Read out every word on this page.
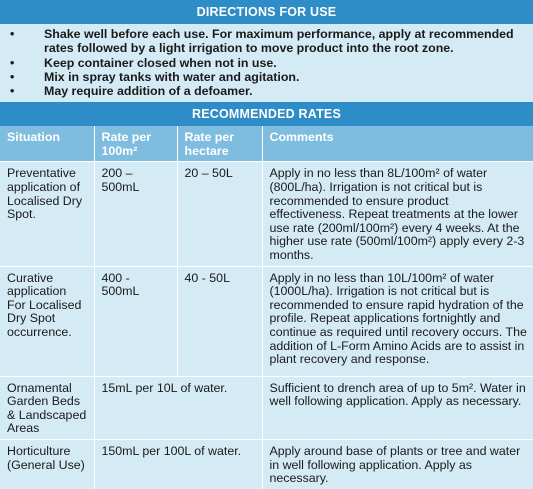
DIRECTIONS FOR USE
•	Shake well before each use. For maximum performance, apply at recommended rates followed by a light irrigation to move product into the root zone.
•	Keep container closed when not in use.
•	Mix in spray tanks with water and agitation.
•	May require addition of a defoamer.
RECOMMENDED RATES
Situation	Rate per 100m²	Rate per hectare	Comments
Preventative application of Localised Dry Spot.	200 – 500mL	20 – 50L	Apply in no less than 8L/100m² of water (800L/ha). Irrigation is not critical but is recommended to ensure product effectiveness. Repeat treatments at the lower use rate (200ml/100m²) every 4 weeks. At the higher use rate (500ml/100m²) apply every 2-3 months.
Curative application For Localised Dry Spot occurrence.	400 - 500mL	40 - 50L	Apply in no less than 10L/100m² of water (1000L/ha). Irrigation is not critical but is recommended to ensure rapid hydration of the profile. Repeat applications fortnightly and continue as required until recovery occurs. The addition of L-Form Amino Acids are to assist in plant recovery and response.
Ornamental Garden Beds & Landscaped Areas	15mL per 10L of water.		Sufficient to drench area of up to 5m². Water in well following application. Apply as necessary.
Horticulture (General Use)	150mL per 100L of water.		Apply around base of plants or tree and water in well following application. Apply as necessary.
